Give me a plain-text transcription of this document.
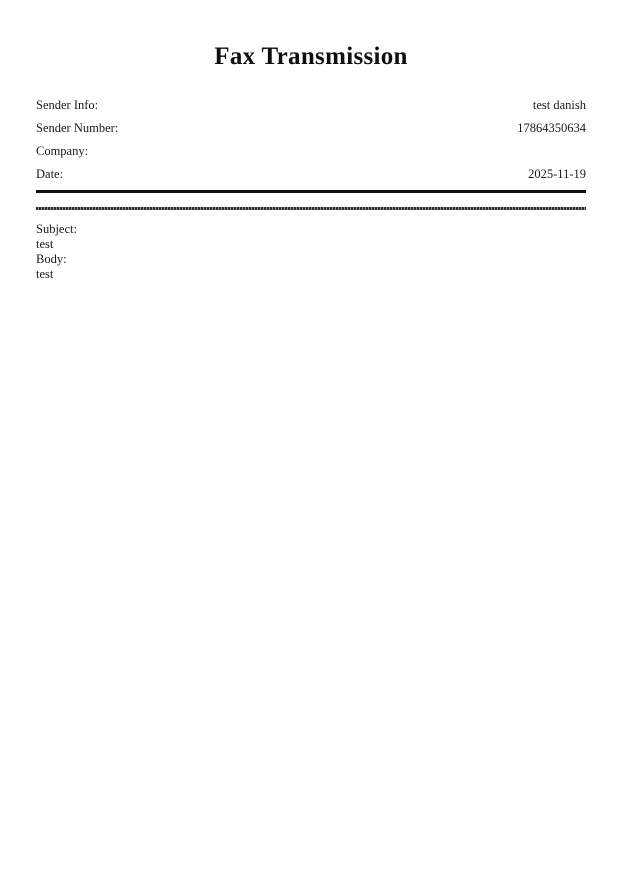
Fax Transmission
Sender Info:	test danish
Sender Number:	17864350634
Company:
Date:	2025-11-19
Subject:
test
Body:
test
